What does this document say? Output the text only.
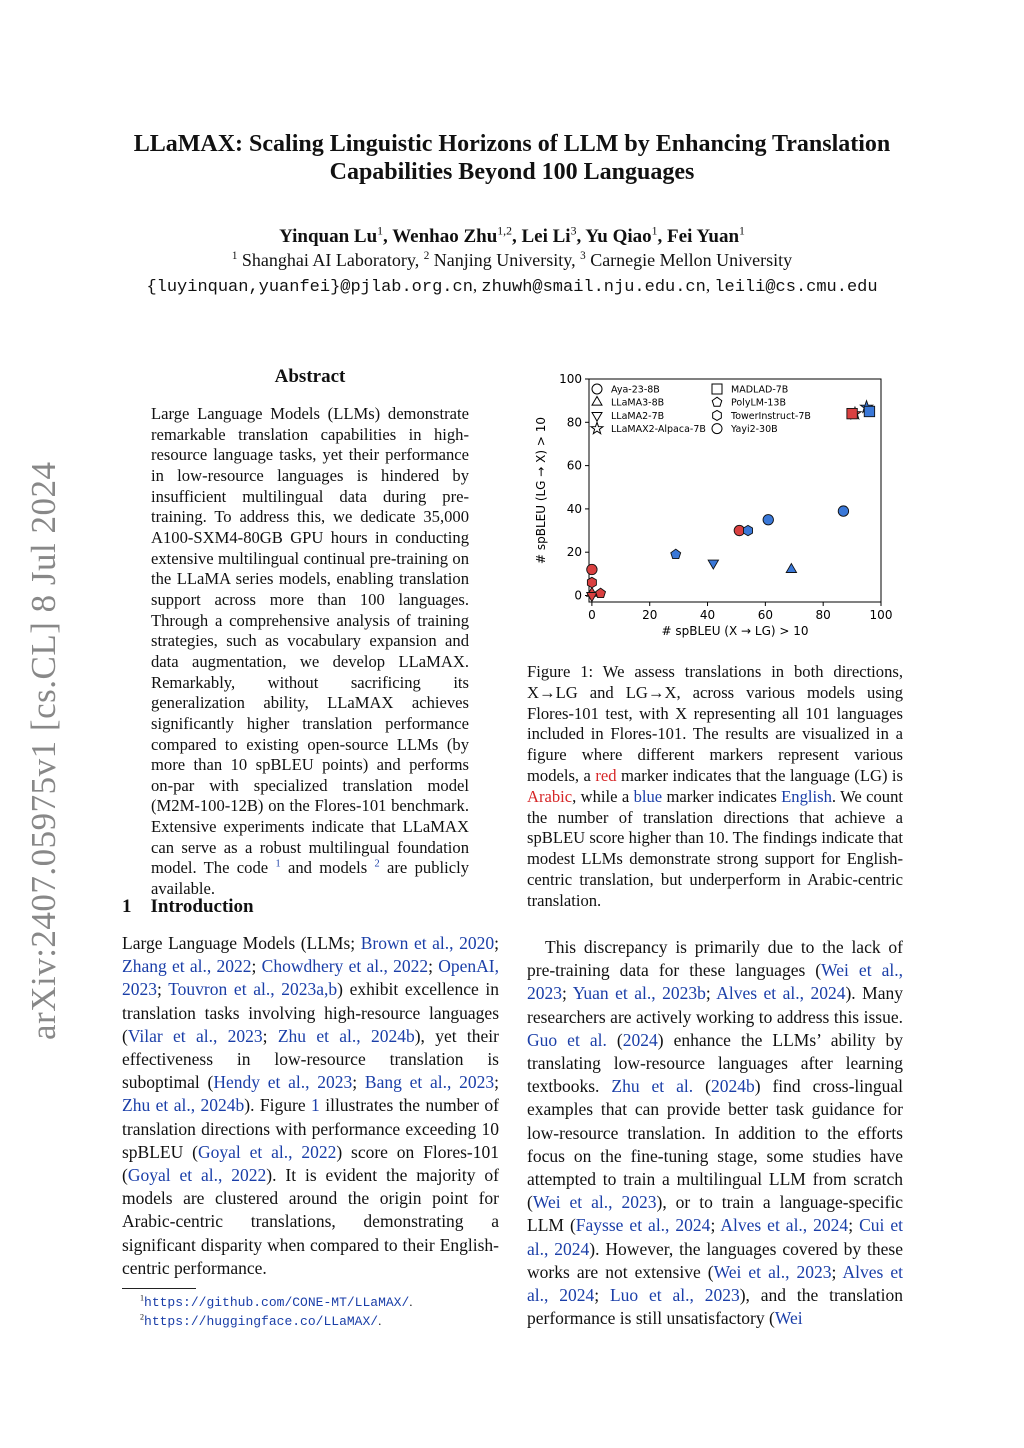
LLaMAX: Scaling Linguistic Horizons of LLM by Enhancing Translation
Capabilities Beyond 100 Languages
Yinquan Lu$^1$, Wenhao Zhu$^{1,2}$, Lei Li$^3$, Yu Qiao$^1$, Fei Yuan$^1$
$^1$ Shanghai AI Laboratory, $^2$ Nanjing University, $^3$ Carnegie Mellon University
{luyinquan,yuanfei}@pjlab.org.cn, zhuwh@smail.nju.edu.cn, leili@cs.cmu.edu
arXiv:2407.05975v1 [cs.CL] 8 Jul 2024
Abstract
Large Language Models (LLMs) demonstrate remarkable translation capabilities in high-resource language tasks, yet their performance in low-resource languages is hindered by insufficient multilingual data during pre-training. To address this, we dedicate 35,000 A100-SXM4-80GB GPU hours in conducting extensive multilingual continual pre-training on the LLaMA series models, enabling translation support across more than 100 languages. Through a comprehensive analysis of training strategies, such as vocabulary expansion and data augmentation, we develop LLaMAX. Remarkably, without sacrificing its generalization ability, LLaMAX achieves significantly higher translation performance compared to existing open-source LLMs (by more than 10 spBLEU points) and performs on-par with specialized translation model (M2M-100-12B) on the Flores-101 benchmark. Extensive experiments indicate that LLaMAX can serve as a robust multilingual foundation model. The code $^1$ and models $^2$ are publicly available.
1 Introduction

Large Language Models (LLMs; Brown et al., 2020; Zhang et al., 2022; Chowdhery et al., 2022; OpenAI, 2023; Touvron et al., 2023a,b) exhibit excellence in translation tasks involving high-resource languages (Vilar et al., 2023; Zhu et al., 2024b), yet their effectiveness in low-resource translation is suboptimal (Hendy et al., 2023; Bang et al., 2023; Zhu et al., 2024b). Figure 1 illustrates the number of translation directions with performance exceeding 10 spBLEU (Goyal et al., 2022) score on Flores-101 (Goyal et al., 2022). It is evident the majority of models are clustered around the origin point for Arabic-centric translations, demonstrating a significant disparity when compared to their English-centric performance.

$^1$https://github.com/CONE-MT/LLaMAX/.
$^2$https://huggingface.co/LLaMAX/.
0	20	40	60	80	100
0
20
40
60
80
100
# spBLEU (X → LG) > 10
# spBLEU (LG → X) > 10
Aya-23-8B
LLaMA3-8B
LLaMA2-7B
LLaMAX2-Alpaca-7B
MADLAD-7B
PolyLM-13B
TowerInstruct-7B
Yayi2-30B

Figure 1: We assess translations in both directions, X→LG and LG→X, across various models using Flores-101 test, with X representing all 101 languages included in Flores-101. The results are visualized in a figure where different markers represent various models, a red marker indicates that the language (LG) is Arabic, while a blue marker indicates English. We count the number of translation directions that achieve a spBLEU score higher than 10. The findings indicate that modest LLMs demonstrate strong support for English-centric translation, but underperform in Arabic-centric translation.

This discrepancy is primarily due to the lack of pre-training data for these languages (Wei et al., 2023; Yuan et al., 2023b; Alves et al., 2024). Many researchers are actively working to address this issue. Guo et al. (2024) enhance the LLMs’ ability by translating low-resource languages after learning textbooks. Zhu et al. (2024b) find cross-lingual examples that can provide better task guidance for low-resource translation. In addition to the efforts focus on the fine-tuning stage, some studies have attempted to train a multilingual LLM from scratch (Wei et al., 2023), or to train a language-specific LLM (Faysse et al., 2024; Alves et al., 2024; Cui et al., 2024). However, the languages covered by these works are not extensive (Wei et al., 2023; Alves et al., 2024; Luo et al., 2023), and the translation performance is still unsatisfactory (Wei
